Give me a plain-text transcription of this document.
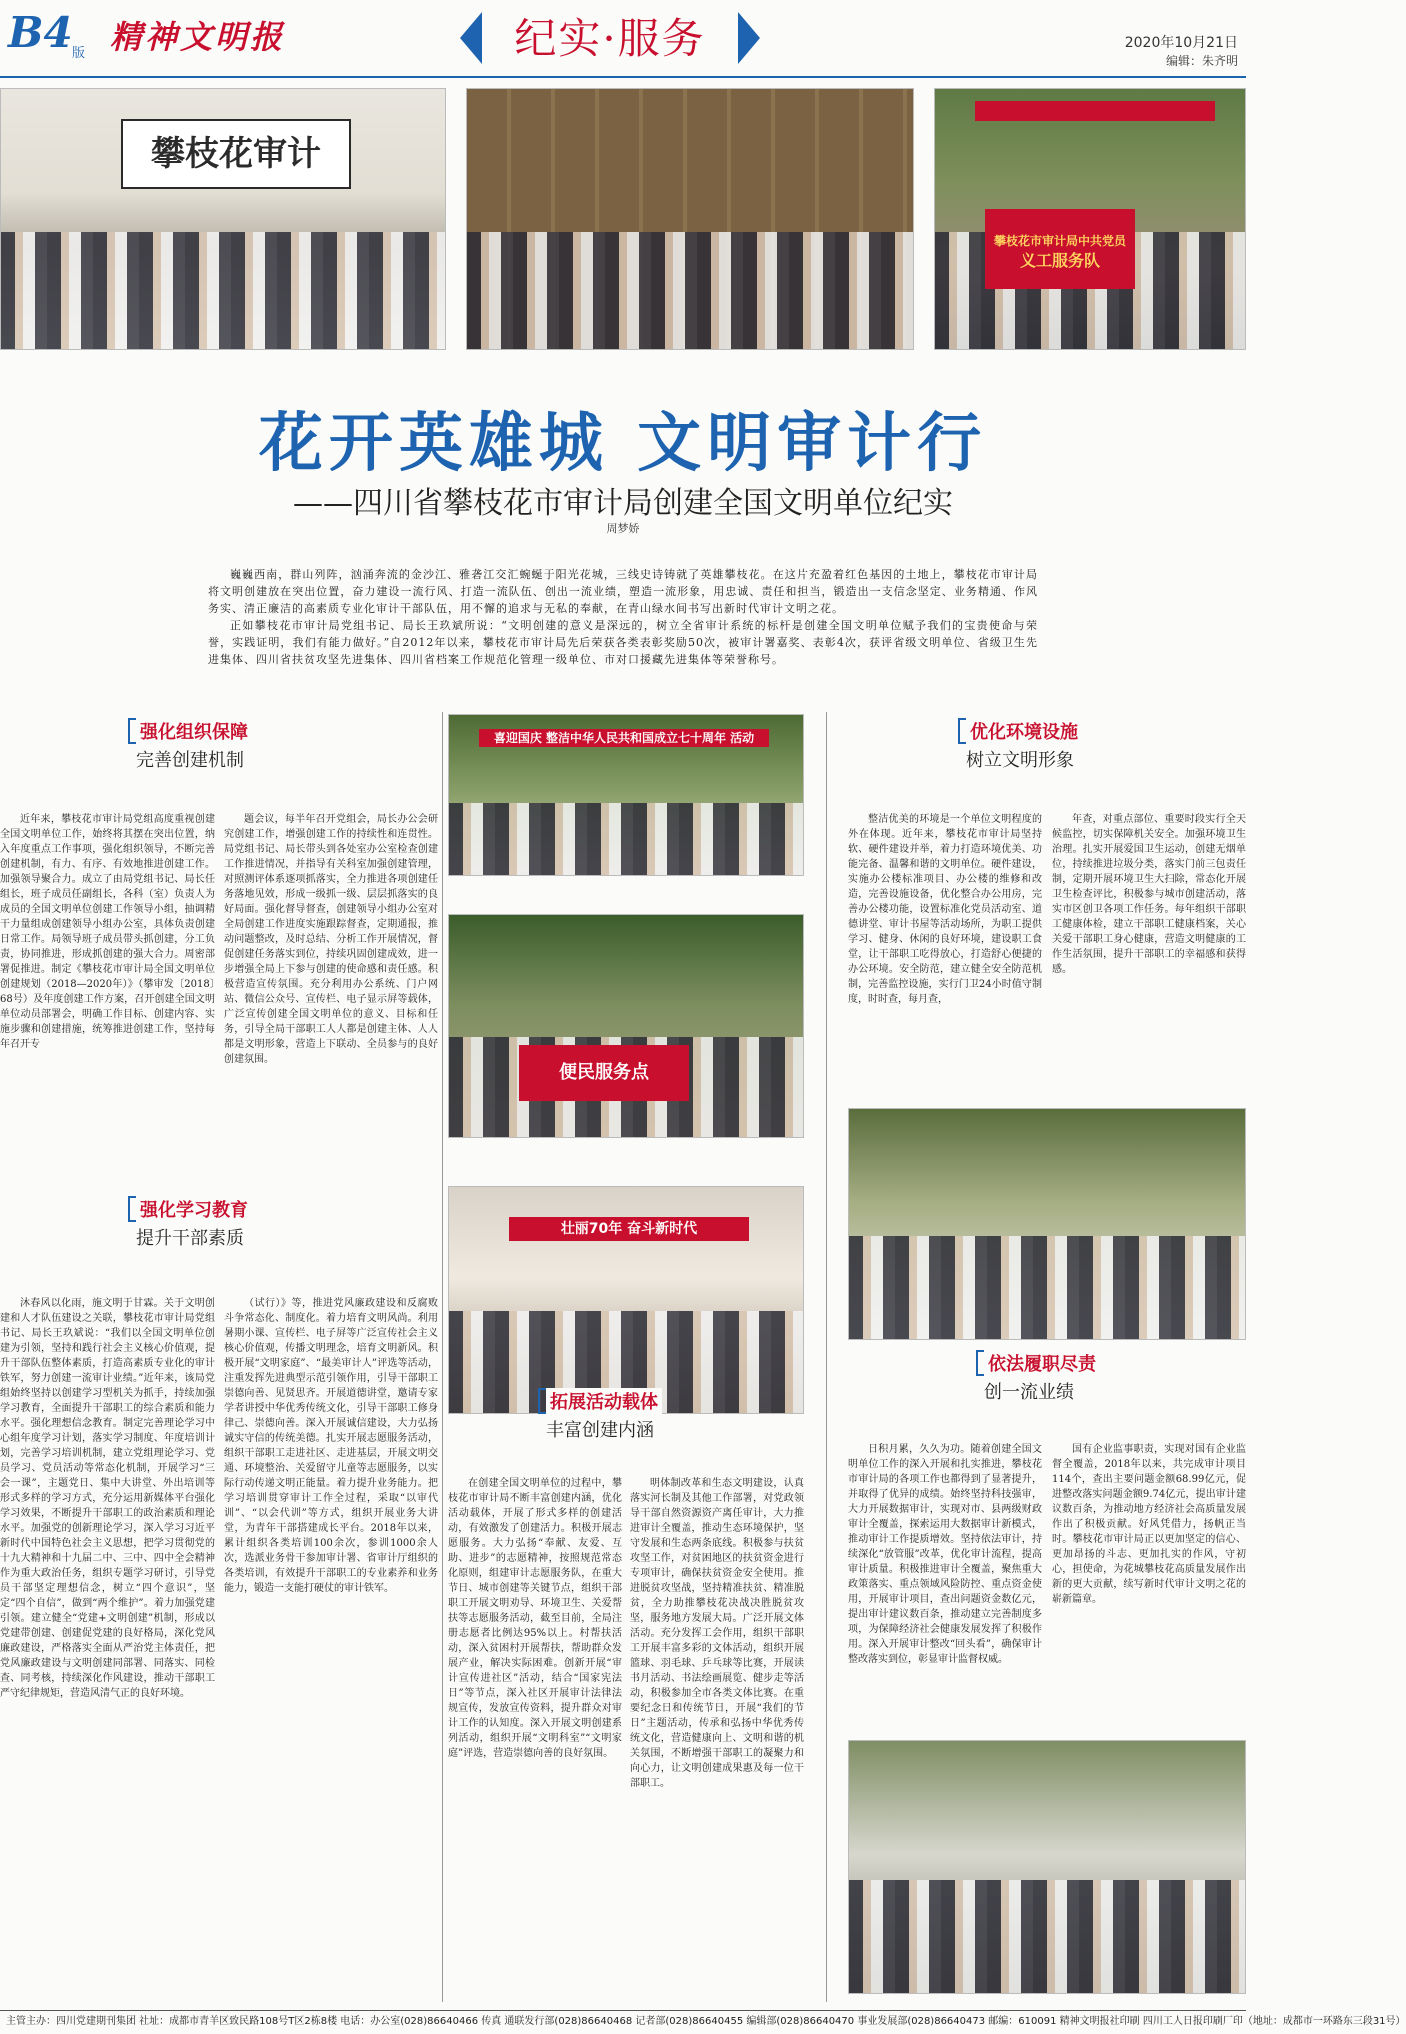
B4 版 精神文明报	纪实·服务	2020年10月21日
编辑：朱齐明
攀枝花审计
攀枝花市审计局中共党员
义工服务队
花开英雄城 文明审计行
——四川省攀枝花市审计局创建全国文明单位纪实
周梦娇

巍巍西南，群山列阵，汹涌奔流的金沙江、雅砻江交汇蜿蜒于阳光花城，三线史诗铸就了英雄攀枝花。在这片充盈着红色基因的土地上，攀枝花市审计局将文明创建放在突出位置，奋力建设一流行风、打造一流队伍、创出一流业绩，塑造一流形象，用忠诚、责任和担当，锻造出一支信念坚定、业务精通、作风务实、清正廉洁的高素质专业化审计干部队伍，用不懈的追求与无私的奉献，在青山绿水间书写出新时代审计文明之花。

正如攀枝花市审计局党组书记、局长王玖斌所说：“文明创建的意义是深远的，树立全省审计系统的标杆是创建全国文明单位赋予我们的宝贵使命与荣誉，实践证明，我们有能力做好。”自2012年以来，攀枝花市审计局先后荣获各类表彰奖励50次，被审计署嘉奖、表彰4次，获评省级文明单位、省级卫生先进集体、四川省扶贫攻坚先进集体、四川省档案工作规范化管理一级单位、市对口援藏先进集体等荣誉称号。

强化组织保障
完善创建机制

近年来，攀枝花市审计局党组高度重视创建全国文明单位工作，始终将其摆在突出位置，纳入年度重点工作事项，强化组织领导，不断完善创建机制，有力、有序、有效地推进创建工作。加强领导聚合力。成立了由局党组书记、局长任组长，班子成员任副组长，各科（室）负责人为成员的全国文明单位创建工作领导小组，抽调精干力量组成创建领导小组办公室，具体负责创建日常工作。局领导班子成员带头抓创建，分工负责，协同推进，形成抓创建的强大合力。周密部署促推进。制定《攀枝花市审计局全国文明单位创建规划（2018—2020年）》（攀审发〔2018〕68号）及年度创建工作方案，召开创建全国文明单位动员部署会，明确工作目标、创建内容、实施步骤和创建措施，统筹推进创建工作，坚持每年召开专

题会议，每半年召开党组会，局长办公会研究创建工作，增强创建工作的持续性和连贯性。局党组书记、局长带头到各处室办公室检查创建工作推进情况，并指导有关科室加强创建管理，对照测评体系逐项抓落实，全力推进各项创建任务落地见效，形成一级抓一级、层层抓落实的良好局面。强化督导督查，创建领导小组办公室对全局创建工作进度实施跟踪督查，定期通报，推动问题整改，及时总结、分析工作开展情况，督促创建任务落实到位，持续巩固创建成效，进一步增强全局上下参与创建的使命感和责任感。积极营造宣传氛围。充分利用办公系统、门户网站、微信公众号、宣传栏、电子显示屏等载体，广泛宣传创建全国文明单位的意义、目标和任务，引导全局干部职工人人都是创建主体、人人都是文明形象，营造上下联动、全员参与的良好创建氛围。

强化学习教育
提升干部素质

沐春风以化雨，施文明于甘霖。关于文明创建和人才队伍建设之关联，攀枝花市审计局党组书记、局长王玖斌说：“我们以全国文明单位创建为引领，坚持和践行社会主义核心价值观，提升干部队伍整体素质，打造高素质专业化的审计铁军，努力创建一流审计业绩。”近年来，该局党组始终坚持以创建学习型机关为抓手，持续加强学习教育，全面提升干部职工的综合素质和能力水平。强化理想信念教育。制定完善理论学习中心组年度学习计划，落实学习制度、年度培训计划，完善学习培训机制，建立党组理论学习、党员学习、党员活动等常态化机制，开展学习“三会一课”，主题党日、集中大讲堂、外出培训等形式多样的学习方式，充分运用新媒体平台强化学习效果，不断提升干部职工的政治素质和理论水平。加强党的创新理论学习，深入学习习近平新时代中国特色社会主义思想，把学习贯彻党的十九大精神和十九届二中、三中、四中全会精神作为重大政治任务，组织专题学习研讨，引导党员干部坚定理想信念，树立“四个意识”，坚定“四个自信”，做到“两个维护”。着力加强党建引领。建立健全“党建+文明创建”机制，形成以党建带创建、创建促党建的良好格局，深化党风廉政建设，严格落实全面从严治党主体责任，把党风廉政建设与文明创建同部署、同落实、同检查、同考核，持续深化作风建设，推动干部职工严守纪律规矩，营造风清气正的良好环境。

（试行）》等，推进党风廉政建设和反腐败斗争常态化、制度化。着力培育文明风尚。利用暑期小课、宣传栏、电子屏等广泛宣传社会主义核心价值观，传播文明理念，培育文明新风。积极开展“文明家庭”、“最美审计人”评选等活动，注重发挥先进典型示范引领作用，引导干部职工崇德向善、见贤思齐。开展道德讲堂，邀请专家学者讲授中华优秀传统文化，引导干部职工修身律己、崇德向善。深入开展诚信建设，大力弘扬诚实守信的传统美德。扎实开展志愿服务活动，组织干部职工走进社区、走进基层，开展文明交通、环境整治、关爱留守儿童等志愿服务，以实际行动传递文明正能量。着力提升业务能力。把学习培训贯穿审计工作全过程，采取“以审代训”、“以会代训”等方式，组织开展业务大讲堂，为青年干部搭建成长平台。2018年以来，累计组织各类培训100余次，参训1000余人次，选派业务骨干参加审计署、省审计厅组织的各类培训，有效提升干部职工的专业素养和业务能力，锻造一支能打硬仗的审计铁军。

喜迎国庆 整洁中华人民共和国成立七十周年 活动
便民服务点
壮丽70年 奋斗新时代
拓展活动载体
丰富创建内涵

在创建全国文明单位的过程中，攀枝花市审计局不断丰富创建内涵，优化活动载体，开展了形式多样的创建活动，有效激发了创建活力。积极开展志愿服务。大力弘扬“奉献、友爱、互助、进步”的志愿精神，按照规范常态化原则，组建审计志愿服务队，在重大节日、城市创建等关键节点，组织干部职工开展文明劝导、环境卫生、关爱帮扶等志愿服务活动，截至目前，全局注册志愿者比例达95%以上。村帮扶活动，深入贫困村开展帮扶，帮助群众发展产业，解决实际困难。创新开展“审计宣传进社区”活动，结合“国家宪法日”等节点，深入社区开展审计法律法规宣传，发放宣传资料，提升群众对审计工作的认知度。深入开展文明创建系列活动，组织开展“文明科室”“文明家庭”评选，营造崇德向善的良好氛围。

明体制改革和生态文明建设，认真落实河长制及其他工作部署，对党政领导干部自然资源资产离任审计，大力推进审计全覆盖，推动生态环境保护，坚守发展和生态两条底线。积极参与扶贫攻坚工作，对贫困地区的扶贫资金进行专项审计，确保扶贫资金安全使用。推进脱贫攻坚战，坚持精准扶贫、精准脱贫，全力助推攀枝花决战决胜脱贫攻坚，服务地方发展大局。广泛开展文体活动。充分发挥工会作用，组织干部职工开展丰富多彩的文体活动，组织开展篮球、羽毛球、乒乓球等比赛，开展读书月活动、书法绘画展览、健步走等活动，积极参加全市各类文体比赛。在重要纪念日和传统节日，开展“我们的节日”主题活动，传承和弘扬中华优秀传统文化，营造健康向上、文明和谐的机关氛围，不断增强干部职工的凝聚力和向心力，让文明创建成果惠及每一位干部职工。

优化环境设施
树立文明形象

整洁优美的环境是一个单位文明程度的外在体现。近年来，攀枝花市审计局坚持软、硬件建设并举，着力打造环境优美、功能完备、温馨和谐的文明单位。硬件建设，实施办公楼标准项目、办公楼的维修和改造，完善设施设备，优化整合办公用房，完善办公楼功能，设置标准化党员活动室、道德讲堂、审计书屋等活动场所，为职工提供学习、健身、休闲的良好环境，建设职工食堂，让干部职工吃得放心，打造舒心便捷的办公环境。安全防范，建立健全安全防范机制，完善监控设施，实行门卫24小时值守制度，时时查，每月查，

年查，对重点部位、重要时段实行全天候监控，切实保障机关安全。加强环境卫生治理。扎实开展爱国卫生运动，创建无烟单位，持续推进垃圾分类，落实门前三包责任制，定期开展环境卫生大扫除，常态化开展卫生检查评比，积极参与城市创建活动，落实市区创卫各项工作任务。每年组织干部职工健康体检，建立干部职工健康档案，关心关爱干部职工身心健康，营造文明健康的工作生活氛围，提升干部职工的幸福感和获得感。

依法履职尽责
创一流业绩

日积月累，久久为功。随着创建全国文明单位工作的深入开展和扎实推进，攀枝花市审计局的各项工作也都得到了显著提升，并取得了优异的成绩。始终坚持科技强审，大力开展数据审计，实现对市、县两级财政审计全覆盖，探索运用大数据审计新模式，推动审计工作提质增效。坚持依法审计，持续深化“放管服”改革，优化审计流程，提高审计质量。积极推进审计全覆盖，聚焦重大政策落实、重点领域风险防控、重点资金使用，开展审计项目，查出问题资金数亿元，提出审计建议数百条，推动建立完善制度多项，为保障经济社会健康发展发挥了积极作用。深入开展审计整改“回头看”，确保审计整改落实到位，彰显审计监督权威。

国有企业监事职责，实现对国有企业监督全覆盖，2018年以来，共完成审计项目114个，查出主要问题金额68.99亿元，促进整改落实问题金额9.74亿元，提出审计建议数百条，为推动地方经济社会高质量发展作出了积极贡献。好风凭借力，扬帆正当时。攀枝花市审计局正以更加坚定的信心、更加昂扬的斗志、更加扎实的作风，守初心，担使命，为花城攀枝花高质量发展作出新的更大贡献，续写新时代审计文明之花的崭新篇章。

主管主办：四川党建期刊集团 社址：成都市青羊区致民路108号T区2栋8楼 电话：办公室(028)86640466 传真 通联发行部(028)86640468 记者部(028)86640455 编辑部(028)86640470 事业发展部(028)86640473 邮编：610091 精神文明报社印刷 四川工人日报印刷厂印（地址：成都市一环路东三段31号）
